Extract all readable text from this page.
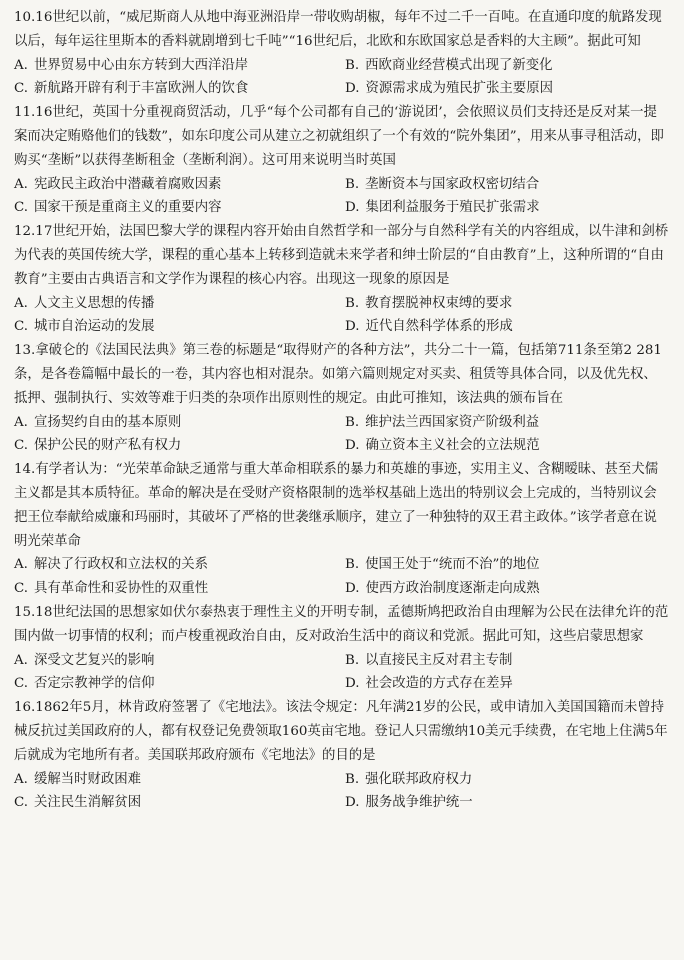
10.16世纪以前，“威尼斯商人从地中海亚洲沿岸一带收购胡椒，每年不过二千一百吨。在直通印度的航路发现以后，每年运往里斯本的香料就剧增到七千吨”“16世纪后，北欧和东欧国家总是香料的大主顾”。据此可知
A. 世界贸易中心由东方转到大西洋沿岸	B. 西欧商业经营模式出现了新变化
C. 新航路开辟有利于丰富欧洲人的饮食	D. 资源需求成为殖民扩张主要原因
11.16世纪，英国十分重视商贸活动，几乎“每个公司都有自己的‘游说团’，会依照议员们支持还是反对某一提案而决定贿赂他们的钱数”，如东印度公司从建立之初就组织了一个有效的“院外集团”，用来从事寻租活动，即购买“垄断”以获得垄断租金（垄断利润）。这可用来说明当时英国
A. 宪政民主政治中潜藏着腐败因素	B. 垄断资本与国家政权密切结合
C. 国家干预是重商主义的重要内容	D. 集团利益服务于殖民扩张需求
12.17世纪开始，法国巴黎大学的课程内容开始由自然哲学和一部分与自然科学有关的内容组成，以牛津和剑桥为代表的英国传统大学，课程的重心基本上转移到造就未来学者和绅士阶层的“自由教育”上，这种所谓的“自由教育”主要由古典语言和文学作为课程的核心内容。出现这一现象的原因是
A. 人文主义思想的传播	B. 教育摆脱神权束缚的要求
C. 城市自治运动的发展	D. 近代自然科学体系的形成
13.拿破仑的《法国民法典》第三卷的标题是“取得财产的各种方法”，共分二十一篇，包括第711条至第2 281条，是各卷篇幅中最长的一卷，其内容也相对混杂。如第六篇则规定对买卖、租赁等具体合同，以及优先权、抵押、强制执行、实效等难于归类的杂项作出原则性的规定。由此可推知，该法典的颁布旨在
A. 宣扬契约自由的基本原则	B. 维护法兰西国家资产阶级利益
C. 保护公民的财产私有权力	D. 确立资本主义社会的立法规范
14.有学者认为：“光荣革命缺乏通常与重大革命相联系的暴力和英雄的事迹，实用主义、含糊暧昧、甚至犬儒主义都是其本质特征。革命的解决是在受财产资格限制的选举权基础上选出的特别议会上完成的，当特别议会把王位奉献给威廉和玛丽时，其破坏了严格的世袭继承顺序，建立了一种独特的双王君主政体。”该学者意在说明光荣革命
A. 解决了行政权和立法权的关系	B. 使国王处于“统而不治”的地位
C. 具有革命性和妥协性的双重性	D. 使西方政治制度逐渐走向成熟
15.18世纪法国的思想家如伏尔泰热衷于理性主义的开明专制，孟德斯鸠把政治自由理解为公民在法律允许的范围内做一切事情的权利；而卢梭重视政治自由，反对政治生活中的商议和党派。据此可知，这些启蒙思想家
A. 深受文艺复兴的影响	B. 以直接民主反对君主专制
C. 否定宗教神学的信仰	D. 社会改造的方式存在差异
16.1862年5月，林肯政府签署了《宅地法》。该法令规定：凡年满21岁的公民，或申请加入美国国籍而未曾持械反抗过美国政府的人，都有权登记免费领取160英亩宅地。登记人只需缴纳10美元手续费，在宅地上住满5年后就成为宅地所有者。美国联邦政府颁布《宅地法》的目的是
A. 缓解当时财政困难	B. 强化联邦政府权力
C. 关注民生消解贫困	D. 服务战争维护统一
